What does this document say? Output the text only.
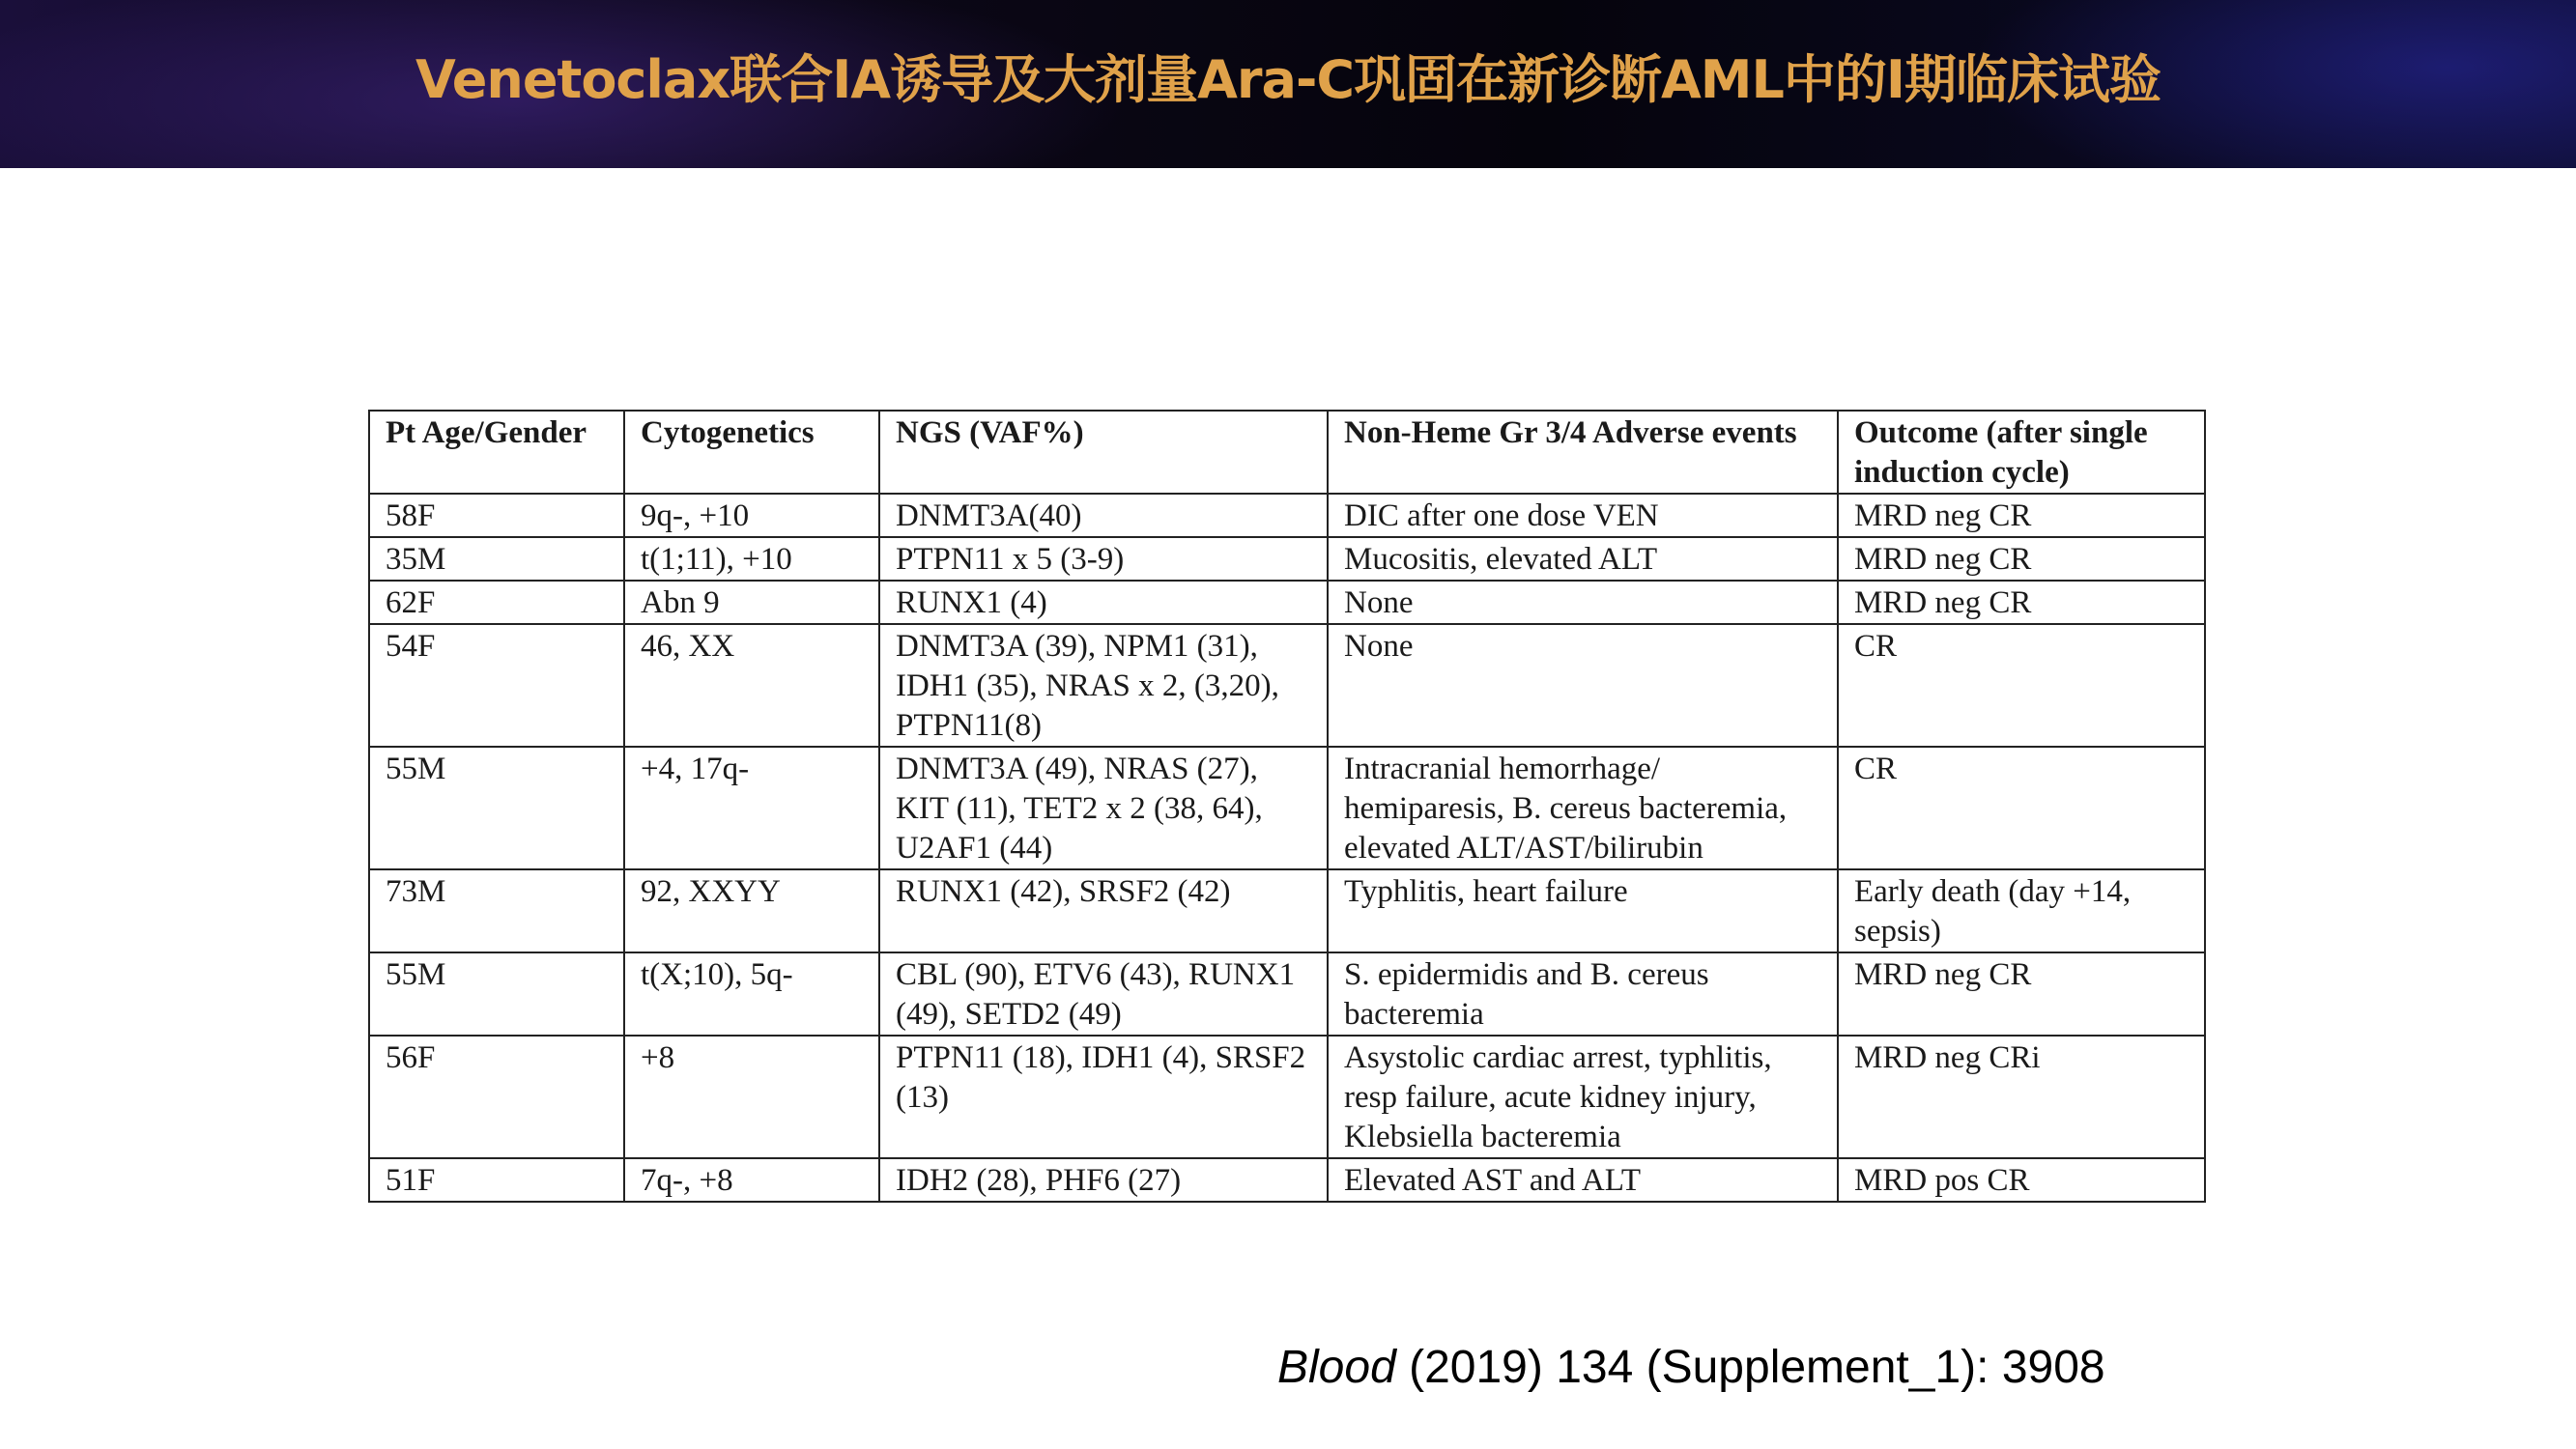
Venetoclax联合IA诱导及大剂量Ara-C巩固在新诊断AML中的I期临床试验
Pt Age/Gender	Cytogenetics	NGS (VAF%)	Non-Heme Gr 3/4 Adverse events	Outcome (after single induction cycle)
58F	9q-, +10	DNMT3A(40)	DIC after one dose VEN	MRD neg CR
35M	t(1;11), +10	PTPN11 x 5 (3-9)	Mucositis, elevated ALT	MRD neg CR
62F	Abn 9	RUNX1 (4)	None	MRD neg CR
54F	46, XX	DNMT3A (39), NPM1 (31), IDH1 (35), NRAS x 2, (3,20), PTPN11(8)	None	CR
55M	+4, 17q-	DNMT3A (49), NRAS (27), KIT (11), TET2 x 2 (38, 64), U2AF1 (44)	Intracranial hemorrhage/ hemiparesis, B. cereus bacteremia, elevated ALT/AST/bilirubin	CR
73M	92, XXYY	RUNX1 (42), SRSF2 (42)	Typhlitis, heart failure	Early death (day +14, sepsis)
55M	t(X;10), 5q-	CBL (90), ETV6 (43), RUNX1 (49), SETD2 (49)	S. epidermidis and B. cereus bacteremia	MRD neg CR
56F	+8	PTPN11 (18), IDH1 (4), SRSF2 (13)	Asystolic cardiac arrest, typhlitis, resp failure, acute kidney injury, Klebsiella bacteremia	MRD neg CRi
51F	7q-, +8	IDH2 (28), PHF6 (27)	Elevated AST and ALT	MRD pos CR
Blood (2019) 134 (Supplement_1): 3908
